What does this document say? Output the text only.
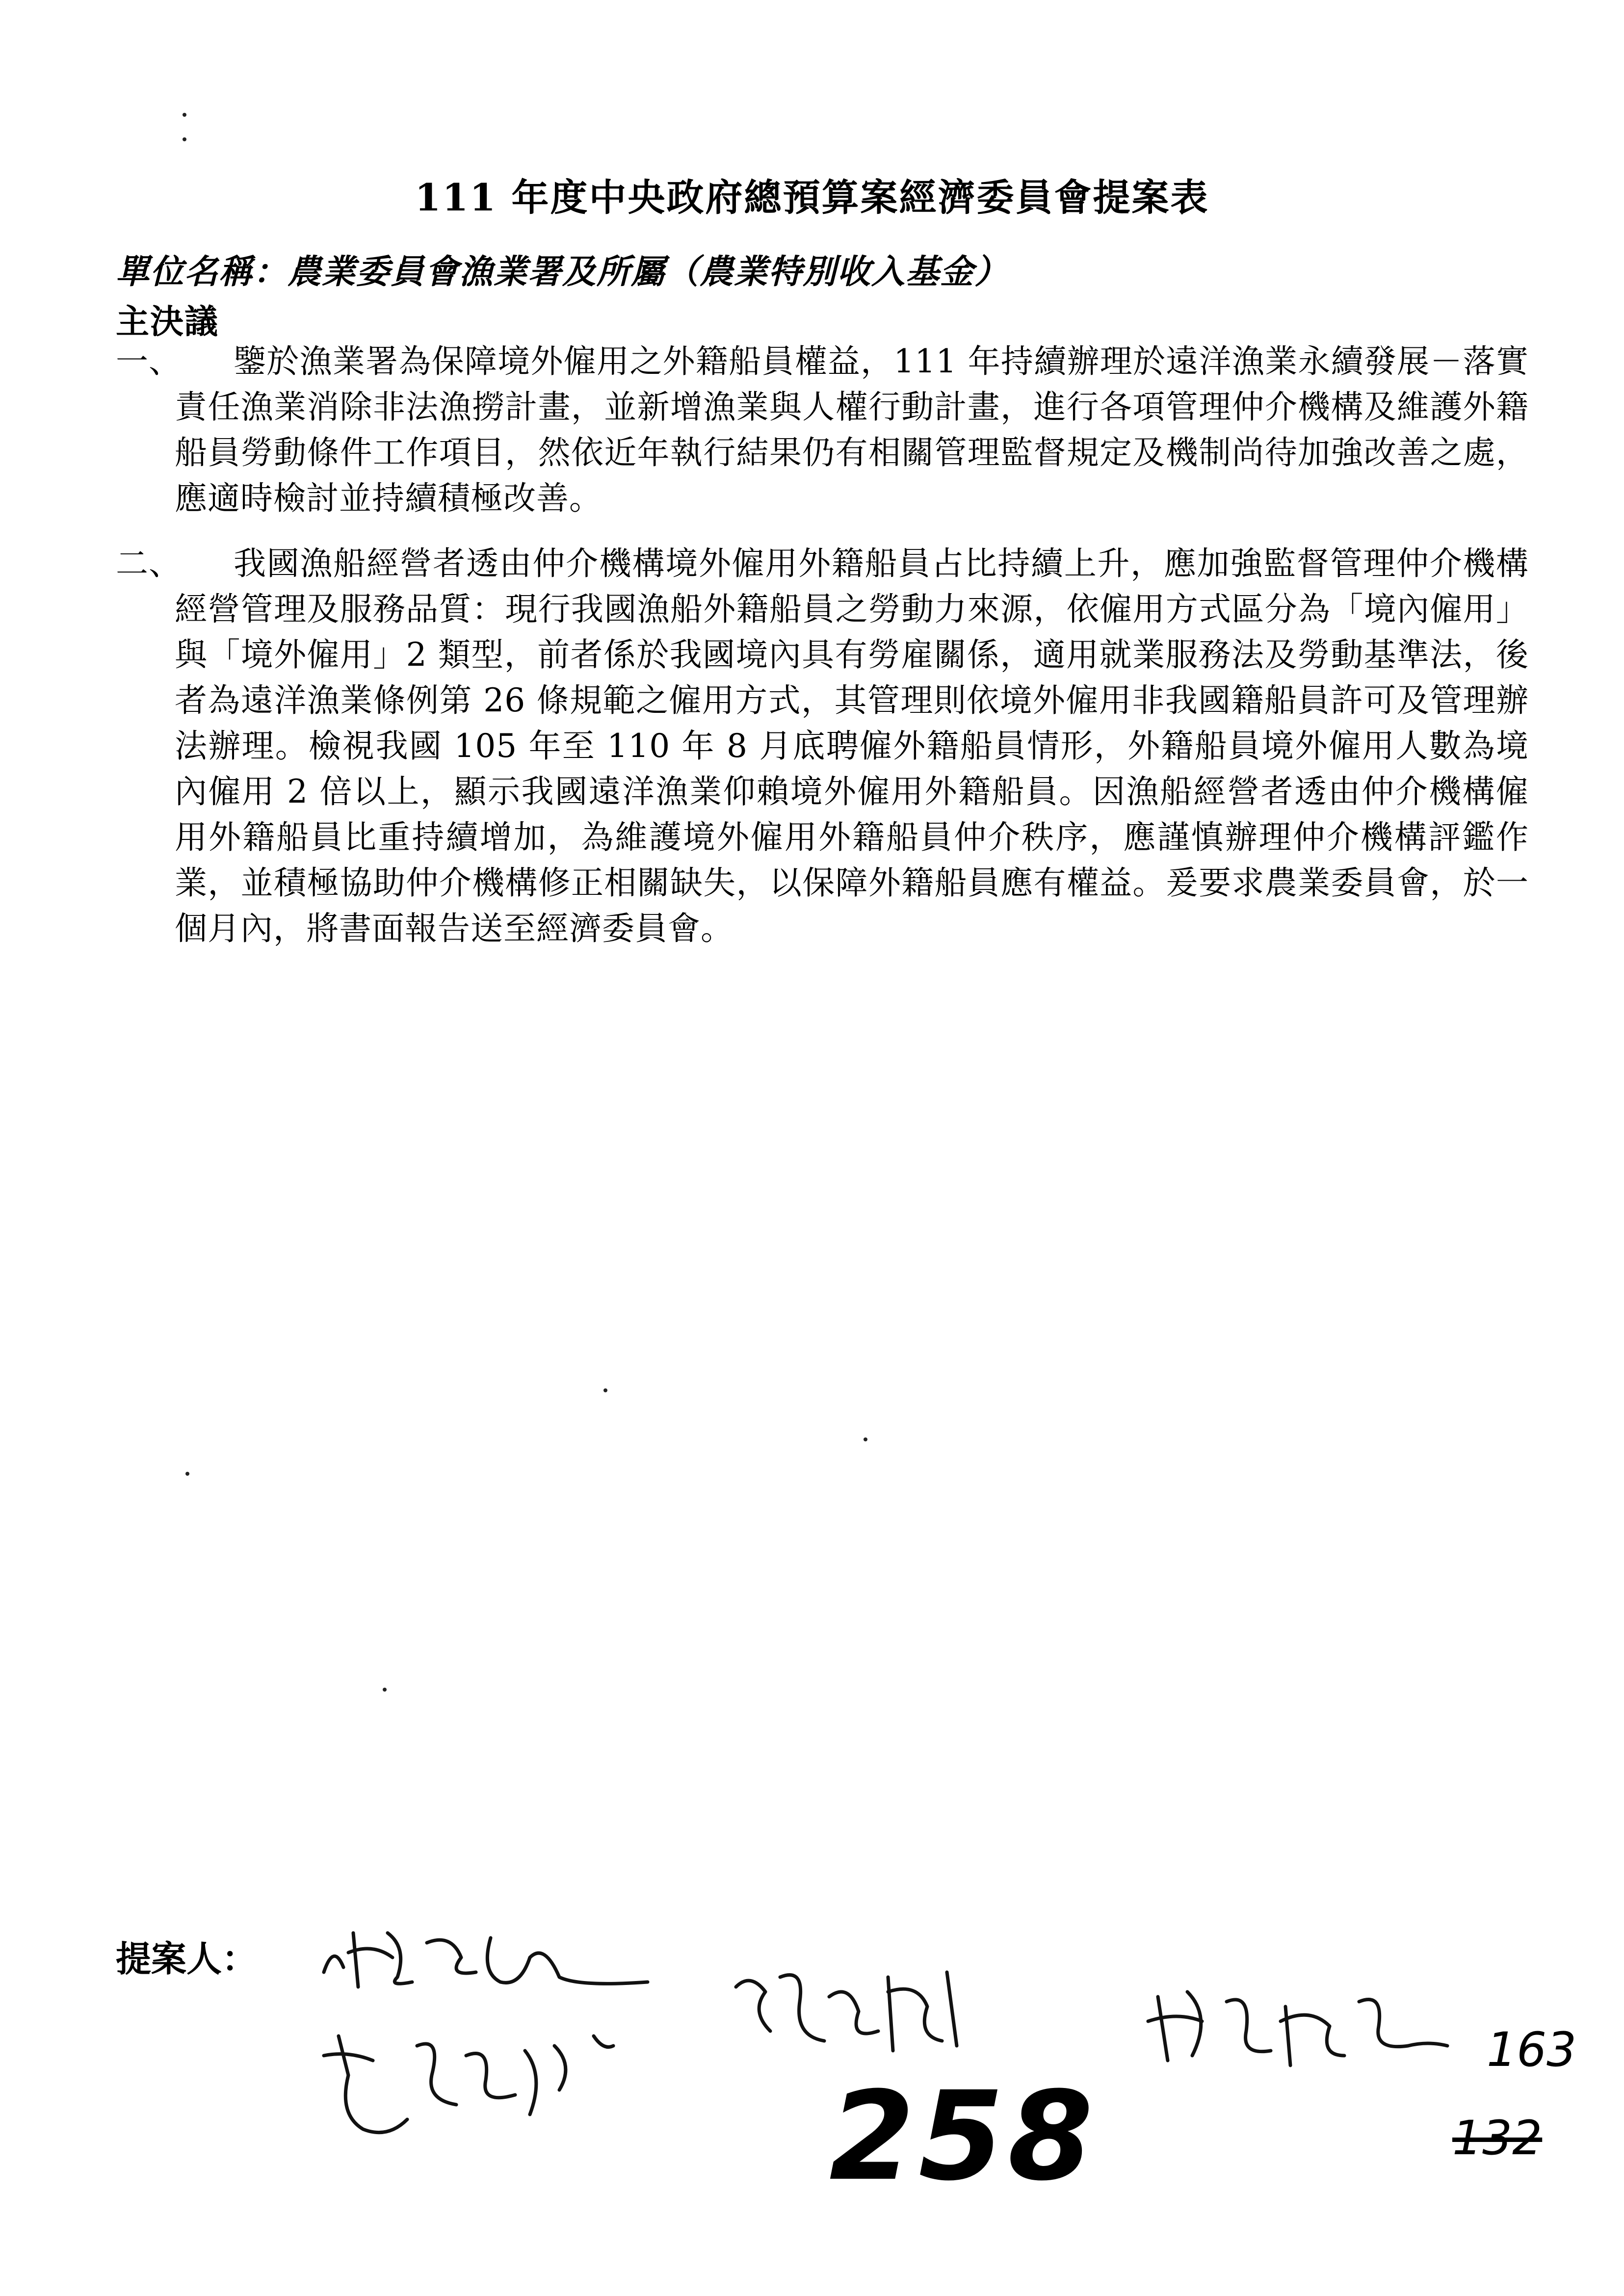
111 年度中央政府總預算案經濟委員會提案表
單位名稱：農業委員會漁業署及所屬（農業特別收入基金）
主決議
一、	鑒於漁業署為保障境外僱用之外籍船員權益，111 年持續辦理於遠洋漁業永續發展－落實責任漁業消除非法漁撈計畫，並新增漁業與人權行動計畫，進行各項管理仲介機構及維護外籍船員勞動條件工作項目，然依近年執行結果仍有相關管理監督規定及機制尚待加強改善之處，應適時檢討並持續積極改善。
二、	我國漁船經營者透由仲介機構境外僱用外籍船員占比持續上升，應加強監督管理仲介機構經營管理及服務品質：現行我國漁船外籍船員之勞動力來源，依僱用方式區分為「境內僱用」與「境外僱用」2 類型，前者係於我國境內具有勞雇關係，適用就業服務法及勞動基準法，後者為遠洋漁業條例第 26 條規範之僱用方式，其管理則依境外僱用非我國籍船員許可及管理辦法辦理。檢視我國 105 年至 110 年 8 月底聘僱外籍船員情形，外籍船員境外僱用人數為境內僱用 2 倍以上，顯示我國遠洋漁業仰賴境外僱用外籍船員。因漁船經營者透由仲介機構僱用外籍船員比重持續增加，為維護境外僱用外籍船員仲介秩序，應謹慎辦理仲介機構評鑑作業，並積極協助仲介機構修正相關缺失，以保障外籍船員應有權益。爰要求農業委員會，於一個月內，將書面報告送至經濟委員會。
提案人：
258
163
132
